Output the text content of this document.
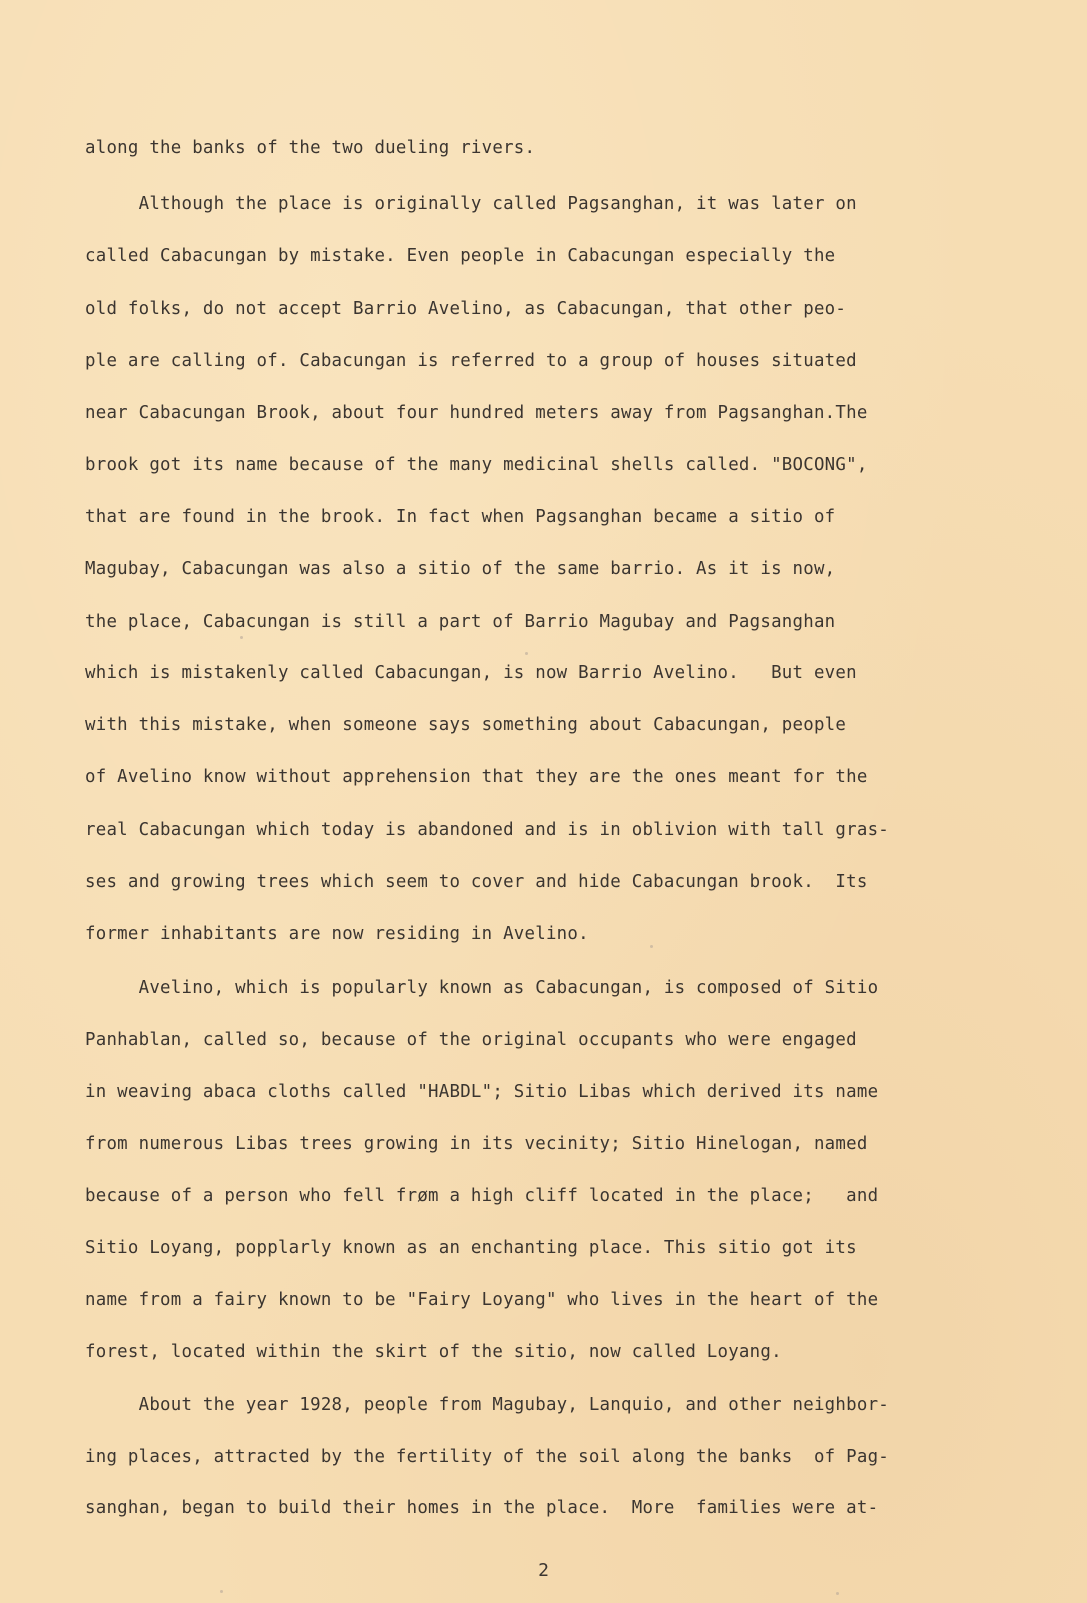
along the banks of the two dueling rivers.
Although the place is originally called Pagsanghan, it was later on
called Cabacungan by mistake. Even people in Cabacungan especially the
old folks, do not accept Barrio Avelino, as Cabacungan, that other peo-
ple are calling of. Cabacungan is referred to a group of houses situated
near Cabacungan Brook, about four hundred meters away from Pagsanghan.The
brook got its name because of the many medicinal shells called. "BOCONG",
that are found in the brook. In fact when Pagsanghan became a sitio of
Magubay, Cabacungan was also a sitio of the same barrio. As it is now,
the place, Cabacungan is still a part of Barrio Magubay and Pagsanghan
which is mistakenly called Cabacungan, is now Barrio Avelino.   But even
with this mistake, when someone says something about Cabacungan, people
of Avelino know without apprehension that they are the ones meant for the
real Cabacungan which today is abandoned and is in oblivion with tall gras-
ses and growing trees which seem to cover and hide Cabacungan brook.  Its
former inhabitants are now residing in Avelino.
Avelino, which is popularly known as Cabacungan, is composed of Sitio
Panhablan, called so, because of the original occupants who were engaged
in weaving abaca cloths called "HABDL"; Sitio Libas which derived its name
from numerous Libas trees growing in its vecinity; Sitio Hinelogan, named
because of a person who fell frøm a high cliff located in the place;   and
Sitio Loyang, popplarly known as an enchanting place. This sitio got its
name from a fairy known to be "Fairy Loyang" who lives in the heart of the
forest, located within the skirt of the sitio, now called Loyang.
About the year 1928, people from Magubay, Lanquio, and other neighbor-
ing places, attracted by the fertility of the soil along the banks  of Pag-
sanghan, began to build their homes in the place.  More  families were at-
2
